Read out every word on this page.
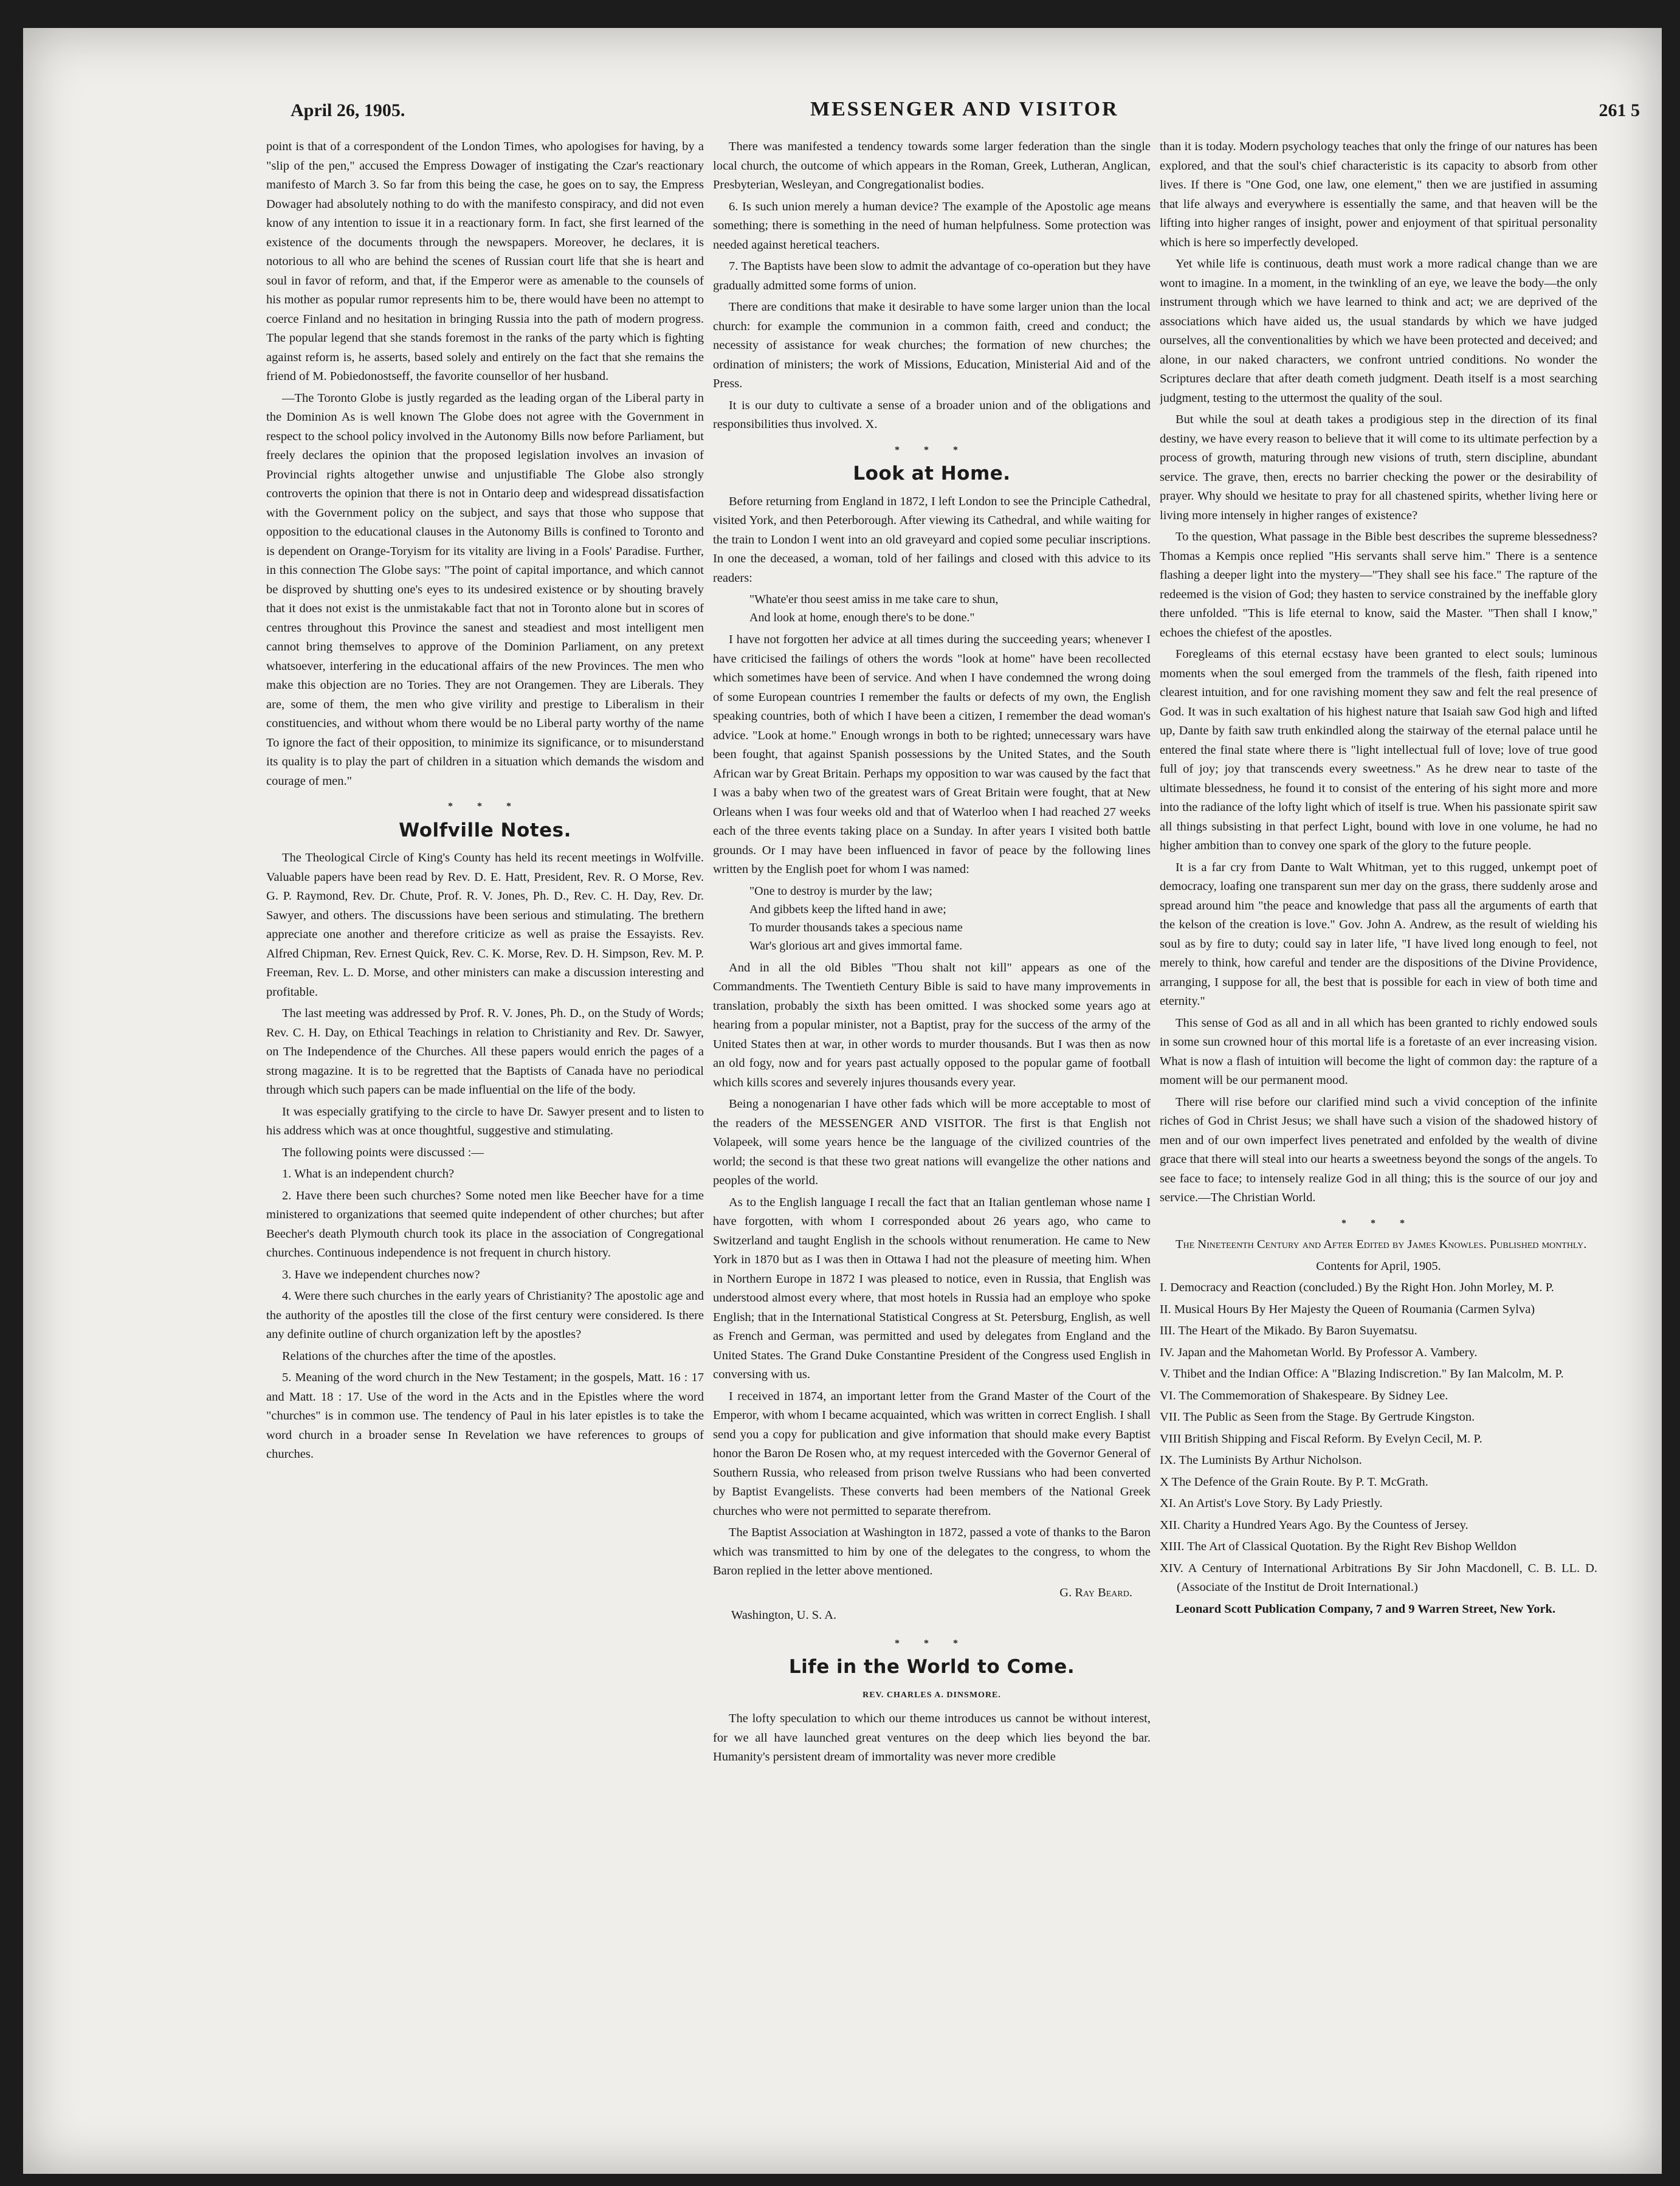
April 26, 1905.	MESSENGER AND VISITOR	261 5

point is that of a correspondent of the London Times, who apologises for having, by a "slip of the pen," accused the Empress Dowager of instigating the Czar's reactionary manifesto of March 3. So far from this being the case, he goes on to say, the Empress Dowager had absolutely nothing to do with the manifesto conspiracy, and did not even know of any intention to issue it in a reactionary form. In fact, she first learned of the existence of the documents through the newspapers. Moreover, he declares, it is notorious to all who are behind the scenes of Russian court life that she is heart and soul in favor of reform, and that, if the Emperor were as amenable to the counsels of his mother as popular rumor represents him to be, there would have been no attempt to coerce Finland and no hesitation in bringing Russia into the path of modern progress. The popular legend that she stands foremost in the ranks of the party which is fighting against reform is, he asserts, based solely and entirely on the fact that she remains the friend of M. Pobiedonostseff, the favorite counsellor of her husband.

—The Toronto Globe is justly regarded as the leading organ of the Liberal party in the Dominion As is well known The Globe does not agree with the Government in respect to the school policy involved in the Autonomy Bills now before Parliament, but freely declares the opinion that the proposed legislation involves an invasion of Provincial rights altogether unwise and unjustifiable The Globe also strongly controverts the opinion that there is not in Ontario deep and widespread dissatisfaction with the Government policy on the subject, and says that those who suppose that opposition to the educational clauses in the Autonomy Bills is confined to Toronto and is dependent on Orange-Toryism for its vitality are living in a Fools' Paradise. Further, in this connection The Globe says: "The point of capital importance, and which cannot be disproved by shutting one's eyes to its undesired existence or by shouting bravely that it does not exist is the unmistakable fact that not in Toronto alone but in scores of centres throughout this Province the sanest and steadiest and most intelligent men cannot bring themselves to approve of the Dominion Parliament, on any pretext whatsoever, interfering in the educational affairs of the new Provinces. The men who make this objection are no Tories. They are not Orangemen. They are Liberals. They are, some of them, the men who give virility and prestige to Liberalism in their constituencies, and without whom there would be no Liberal party worthy of the name To ignore the fact of their opposition, to minimize its significance, or to misunderstand its quality is to play the part of children in a situation which demands the wisdom and courage of men."

* * *
Wolfville Notes.

The Theological Circle of King's County has held its recent meetings in Wolfville. Valuable papers have been read by Rev. D. E. Hatt, President, Rev. R. O Morse, Rev. G. P. Raymond, Rev. Dr. Chute, Prof. R. V. Jones, Ph. D., Rev. C. H. Day, Rev. Dr. Sawyer, and others. The discussions have been serious and stimulating. The brethern appreciate one another and therefore criticize as well as praise the Essayists. Rev. Alfred Chipman, Rev. Ernest Quick, Rev. C. K. Morse, Rev. D. H. Simpson, Rev. M. P. Freeman, Rev. L. D. Morse, and other ministers can make a discussion interesting and profitable.

The last meeting was addressed by Prof. R. V. Jones, Ph. D., on the Study of Words; Rev. C. H. Day, on Ethical Teachings in relation to Christianity and Rev. Dr. Sawyer, on The Independence of the Churches. All these papers would enrich the pages of a strong magazine. It is to be regretted that the Baptists of Canada have no periodical through which such papers can be made influential on the life of the body.

It was especially gratifying to the circle to have Dr. Sawyer present and to listen to his address which was at once thoughtful, suggestive and stimulating.

The following points were discussed :—

1. What is an independent church?

2. Have there been such churches? Some noted men like Beecher have for a time ministered to organizations that seemed quite independent of other churches; but after Beecher's death Plymouth church took its place in the association of Congregational churches. Continuous independence is not frequent in church history.

3. Have we independent churches now?

4. Were there such churches in the early years of Christianity? The apostolic age and the authority of the apostles till the close of the first century were considered. Is there any definite outline of church organization left by the apostles?

Relations of the churches after the time of the apostles.

5. Meaning of the word church in the New Testament; in the gospels, Matt. 16 : 17 and Matt. 18 : 17. Use of the word in the Acts and in the Epistles where the word "churches" is in common use. The tendency of Paul in his later epistles is to take the word church in a broader sense In Revelation we have references to groups of churches.

There was manifested a tendency towards some larger federation than the single local church, the outcome of which appears in the Roman, Greek, Lutheran, Anglican, Presbyterian, Wesleyan, and Congregationalist bodies.

6. Is such union merely a human device? The example of the Apostolic age means something; there is something in the need of human helpfulness. Some protection was needed against heretical teachers.

7. The Baptists have been slow to admit the advantage of co-operation but they have gradually admitted some forms of union.

There are conditions that make it desirable to have some larger union than the local church: for example the communion in a common faith, creed and conduct; the necessity of assistance for weak churches; the formation of new churches; the ordination of ministers; the work of Missions, Education, Ministerial Aid and of the Press.

It is our duty to cultivate a sense of a broader union and of the obligations and responsibilities thus involved. X.

* * *
Look at Home.

Before returning from England in 1872, I left London to see the Principle Cathedral, visited York, and then Peterborough. After viewing its Cathedral, and while waiting for the train to London I went into an old graveyard and copied some peculiar inscriptions. In one the deceased, a woman, told of her failings and closed with this advice to its readers:

"Whate'er thou seest amiss in me take care to shun,
And look at home, enough there's to be done."

I have not forgotten her advice at all times during the succeeding years; whenever I have criticised the failings of others the words "look at home" have been recollected which sometimes have been of service. And when I have condemned the wrong doing of some European countries I remember the faults or defects of my own, the English speaking countries, both of which I have been a citizen, I remember the dead woman's advice. "Look at home." Enough wrongs in both to be righted; unnecessary wars have been fought, that against Spanish possessions by the United States, and the South African war by Great Britain. Perhaps my opposition to war was caused by the fact that I was a baby when two of the greatest wars of Great Britain were fought, that at New Orleans when I was four weeks old and that of Waterloo when I had reached 27 weeks each of the three events taking place on a Sunday. In after years I visited both battle grounds. Or I may have been influenced in favor of peace by the following lines written by the English poet for whom I was named:

"One to destroy is murder by the law;
And gibbets keep the lifted hand in awe;
To murder thousands takes a specious name
War's glorious art and gives immortal fame.

And in all the old Bibles "Thou shalt not kill" appears as one of the Commandments. The Twentieth Century Bible is said to have many improvements in translation, probably the sixth has been omitted. I was shocked some years ago at hearing from a popular minister, not a Baptist, pray for the success of the army of the United States then at war, in other words to murder thousands. But I was then as now an old fogy, now and for years past actually opposed to the popular game of football which kills scores and severely injures thousands every year.

Being a nonogenarian I have other fads which will be more acceptable to most of the readers of the MESSENGER AND VISITOR. The first is that English not Volapeek, will some years hence be the language of the civilized countries of the world; the second is that these two great nations will evangelize the other nations and peoples of the world.

As to the English language I recall the fact that an Italian gentleman whose name I have forgotten, with whom I corresponded about 26 years ago, who came to Switzerland and taught English in the schools without renumeration. He came to New York in 1870 but as I was then in Ottawa I had not the pleasure of meeting him. When in Northern Europe in 1872 I was pleased to notice, even in Russia, that English was understood almost every where, that most hotels in Russia had an employe who spoke English; that in the International Statistical Congress at St. Petersburg, English, as well as French and German, was permitted and used by delegates from England and the United States. The Grand Duke Constantine President of the Congress used English in conversing with us.

I received in 1874, an important letter from the Grand Master of the Court of the Emperor, with whom I became acquainted, which was written in correct English. I shall send you a copy for publication and give information that should make every Baptist honor the Baron De Rosen who, at my request interceded with the Governor General of Southern Russia, who released from prison twelve Russians who had been converted by Baptist Evangelists. These converts had been members of the National Greek churches who were not permitted to separate therefrom.

The Baptist Association at Washington in 1872, passed a vote of thanks to the Baron which was transmitted to him by one of the delegates to the congress, to whom the Baron replied in the letter above mentioned.

G. Ray Beard.
Washington, U. S. A.
* * *
Life in the World to Come.
REV. CHARLES A. DINSMORE.

The lofty speculation to which our theme introduces us cannot be without interest, for we all have launched great ventures on the deep which lies beyond the bar. Humanity's persistent dream of immortality was never more credible

than it is today. Modern psychology teaches that only the fringe of our natures has been explored, and that the soul's chief characteristic is its capacity to absorb from other lives. If there is "One God, one law, one element," then we are justified in assuming that life always and everywhere is essentially the same, and that heaven will be the lifting into higher ranges of insight, power and enjoyment of that spiritual personality which is here so imperfectly developed.

Yet while life is continuous, death must work a more radical change than we are wont to imagine. In a moment, in the twinkling of an eye, we leave the body—the only instrument through which we have learned to think and act; we are deprived of the associations which have aided us, the usual standards by which we have judged ourselves, all the conventionalities by which we have been protected and deceived; and alone, in our naked characters, we confront untried conditions. No wonder the Scriptures declare that after death cometh judgment. Death itself is a most searching judgment, testing to the uttermost the quality of the soul.

But while the soul at death takes a prodigious step in the direction of its final destiny, we have every reason to believe that it will come to its ultimate perfection by a process of growth, maturing through new visions of truth, stern discipline, abundant service. The grave, then, erects no barrier checking the power or the desirability of prayer. Why should we hesitate to pray for all chastened spirits, whether living here or living more intensely in higher ranges of existence?

To the question, What passage in the Bible best describes the supreme blessedness? Thomas a Kempis once replied "His servants shall serve him." There is a sentence flashing a deeper light into the mystery—"They shall see his face." The rapture of the redeemed is the vision of God; they hasten to service constrained by the ineffable glory there unfolded. "This is life eternal to know, said the Master. "Then shall I know," echoes the chiefest of the apostles.

Foregleams of this eternal ecstasy have been granted to elect souls; luminous moments when the soul emerged from the trammels of the flesh, faith ripened into clearest intuition, and for one ravishing moment they saw and felt the real presence of God. It was in such exaltation of his highest nature that Isaiah saw God high and lifted up, Dante by faith saw truth enkindled along the stairway of the eternal palace until he entered the final state where there is "light intellectual full of love; love of true good full of joy; joy that transcends every sweetness." As he drew near to taste of the ultimate blessedness, he found it to consist of the entering of his sight more and more into the radiance of the lofty light which of itself is true. When his passionate spirit saw all things subsisting in that perfect Light, bound with love in one volume, he had no higher ambition than to convey one spark of the glory to the future people.

It is a far cry from Dante to Walt Whitman, yet to this rugged, unkempt poet of democracy, loafing one transparent sun mer day on the grass, there suddenly arose and spread around him "the peace and knowledge that pass all the arguments of earth that the kelson of the creation is love." Gov. John A. Andrew, as the result of wielding his soul as by fire to duty; could say in later life, "I have lived long enough to feel, not merely to think, how careful and tender are the dispositions of the Divine Providence, arranging, I suppose for all, the best that is possible for each in view of both time and eternity."

This sense of God as all and in all which has been granted to richly endowed souls in some sun crowned hour of this mortal life is a foretaste of an ever increasing vision. What is now a flash of intuition will become the light of common day: the rapture of a moment will be our permanent mood.

There will rise before our clarified mind such a vivid conception of the infinite riches of God in Christ Jesus; we shall have such a vision of the shadowed history of men and of our own imperfect lives penetrated and enfolded by the wealth of divine grace that there will steal into our hearts a sweetness beyond the songs of the angels. To see face to face; to intensely realize God in all thing; this is the source of our joy and service.—The Christian World.

* * *

The Nineteenth Century and After Edited by James Knowles. Published monthly.

Contents for April, 1905.

I. Democracy and Reaction (concluded.) By the Right Hon. John Morley, M. P.
II. Musical Hours By Her Majesty the Queen of Roumania (Carmen Sylva)
III. The Heart of the Mikado. By Baron Suyematsu.
IV. Japan and the Mahometan World. By Professor A. Vambery.
V. Thibet and the Indian Office: A "Blazing Indiscretion." By Ian Malcolm, M. P.
VI. The Commemoration of Shakespeare. By Sidney Lee.
VII. The Public as Seen from the Stage. By Gertrude Kingston.
VIII British Shipping and Fiscal Reform. By Evelyn Cecil, M. P.
IX. The Luminists By Arthur Nicholson.
X The Defence of the Grain Route. By P. T. McGrath.
XI. An Artist's Love Story. By Lady Priestly.
XII. Charity a Hundred Years Ago. By the Countess of Jersey.
XIII. The Art of Classical Quotation. By the Right Rev Bishop Welldon
XIV. A Century of International Arbitrations By Sir John Macdonell, C. B. LL. D. (Associate of the Institut de Droit International.)

Leonard Scott Publication Company, 7 and 9 Warren Street, New York.
